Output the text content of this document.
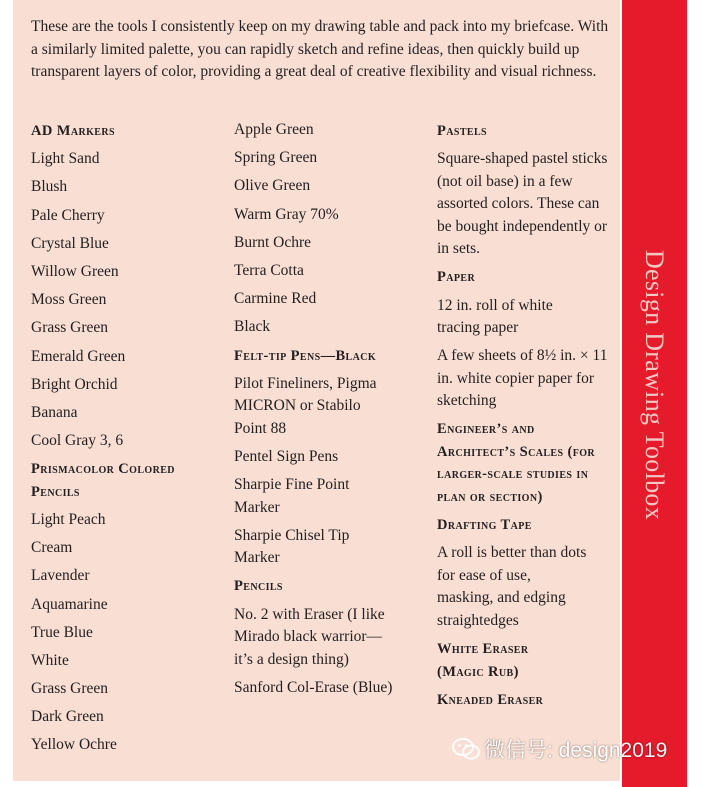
These are the tools I consistently keep on my drawing table and pack into my briefcase. With a similarly limited palette, you can rapidly sketch and refine ideas, then quickly build up transparent layers of color, providing a great deal of creative flexibility and visual richness.
AD Markers
Light Sand
Blush
Pale Cherry
Crystal Blue
Willow Green
Moss Green
Grass Green
Emerald Green
Bright Orchid
Banana
Cool Gray 3, 6
Prismacolor Colored Pencils
Light Peach
Cream
Lavender
Aquamarine
True Blue
White
Grass Green
Dark Green
Yellow Ochre
Apple Green
Spring Green
Olive Green
Warm Gray 70%
Burnt Ochre
Terra Cotta
Carmine Red
Black
Felt-tip Pens—Black
Pilot Fineliners, Pigma MICRON or Stabilo Point 88
Pentel Sign Pens
Sharpie Fine Point Marker
Sharpie Chisel Tip Marker
Pencils
No. 2 with Eraser (I like Mirado black warrior—it’s a design thing)
Sanford Col-Erase (Blue)
Pastels
Square-shaped pastel sticks (not oil base) in a few assorted colors. These can be bought independently or in sets.
Paper
12 in. roll of white tracing paper
A few sheets of 8½ in. × 11 in. white copier paper for sketching
Engineer’s and Architect’s Scales (for larger-scale studies in plan or section)
Drafting Tape
A roll is better than dots for ease of use, masking, and edging straightedges
White Eraser (Magic Rub)
Kneaded Eraser
Design Drawing Toolbox
微信号: design2019
